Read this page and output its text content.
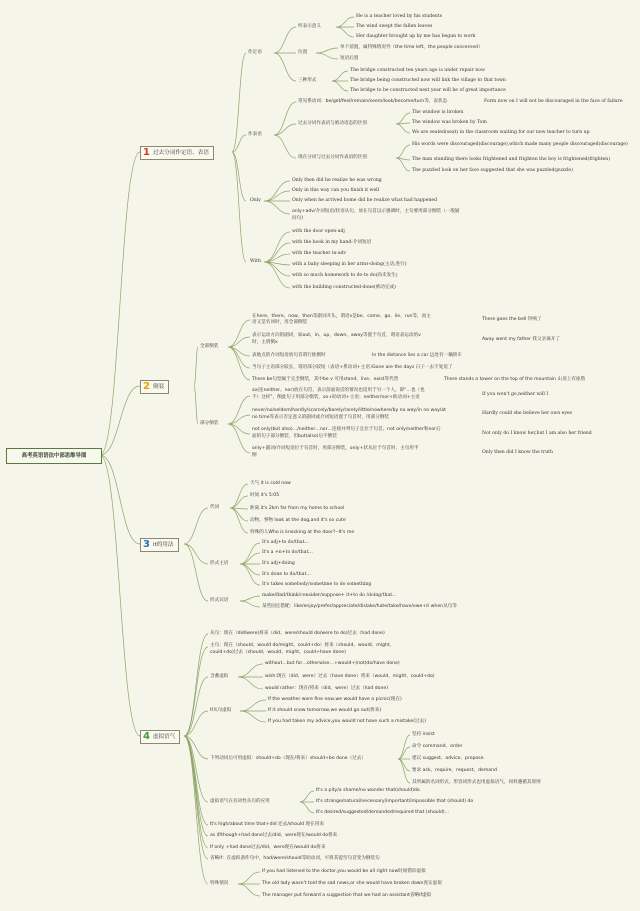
高考英语语法中部思维导图
1 过去分词作定语、表语
2 倒装
3 it的用法
4 虚拟语气
作定语
作表语
Only
With
所表示意义
He is a teacher loved by his students
The wind swept the fallen leaves
Her daughter brought up by me has begun to work
位置
单个前置，属特殊情况外（the time left、the people concerned）
短语后置
三种形式
The bridge constructed ten years ago is under repair now
The bridge being constructed now will link the village to that town
The bridge to be constructed next year will be of great importance
常见系动词：be/get/feel/remain/seem/look/become/turn等，表状态	Form now on I will not be discouraged in the face of failure
过去分词作表语与被动语态的区别
The window is broken
The window was broken by Tom
We are seated(seat) in the classroom waiting for our new teacher to turn up
现在分词与过去分词作表语的区别
His words were discouraged(discourage),which made many people discouraged(discourage)
The man standing there looks frightened and frighten the boy is frightened(frighten)
The puzzled look on her face suggested that she was puzzled(puzzle)
Only then did he realize he was wrong
Only in this way can you finish it well
Only when he arrived home did he realize what had happened
only+adv/介词短语/状语从句，放在句首以示强调时，主句要用部分倒装（一般疑
问句)
with the door open-adj
with the book in my hand-介词短语
with the teacher in-adv
with a baby sleeping in her arms-doing(主动,进行)
with so much homework to do-to do(尚未发生)
with the building constructed-done(被动完成)
全部倒装
部分倒装
在here、there、now、then等副词开头，谓语v是be、come、go、lie、run等，而主
语又是名词时，用全部倒装
表示运动方向的副词，如out、in、up、down、away等置于句首，谓语表运动的v
时，主谓倒x
表地点的介词短语放句首谓行推倒时
当句子主语部分较长，谓语部分较短（表语+系动词+主语）
There be句型属于完全倒装，其中be v 可用stand、live、exist等代替
There goes the bell 铃响了
Away went my father 我父亲离开了
In the distance lies a car 远处有一辆轿车
Gone are the days 日子一去不复返了
There stands a tower on the top of the mountain 山顶上有座塔
so(连neither、nor)放在句首，表示前面说话的情况也适用于另一个人，即"…也（也
不）这样"，倒此句子用部分倒装，so+助动词+主语；neither/nor+助动词+主语
never/no/seldom/hardly/scarcely/barely/rarely/little/nowhere/by no way/in no way/at
no time等表示否定意义的副词或介词短语置于句首时，用部分倒装
not only(but also)…/neither…nor…连接并列句子且位于句首，not only/neither和nor后
面的句子部分倒装，但but(also)后不倒装
only+副词/介词短语位于句首时，用部分倒装，only+状从位于句首时，主句用半
倒
If you won't go,neither will I
Hardly could she believe her own eyes
Not only do I know her,but I am also her friend
Only then did I know the truth
代词
形式主语
形式宾语
天气 it is cold now
时间 it's 5:05
距离 it's 2km far from my home to school
动物、事物 look at the dog,and it's so cute
特殊的人Who is knocking at the door?--It's me
It's adj+to do/that…
It's a +n+to do/that…
It's adj+doing
It's done to do/that…
It's takes somebody/sometime to do something
make/find/think/consider/suppose+ it+to do /doing/that…
某些固定搭配：like/enjoy/prefer/appreciate/dislake/hate/take/have/owe+it when从句等
从句：现在（did/were)将来（did、were/should do/were to do)过去（had done)
主句：现在（should、would do/might、could+do）将来（should、would、might、
could+do)过去（should、would、might、could+have done)
含蓄虚拟
without…but for…otherwise…+would+(not)do/have done)
wish:现在（did、were）过去（have done）将来（would、might、could+do)
would rather：现在/将来（did、were）过去（had done)
If从句虚拟
If the weather were fine now,we would have a picnic(现在)
If it should snow tomorrow,we would go out(将来)
If you had taken my advice,you would not have such a mistake(过去)
下列动词后可用虚拟：should+do（现在/将来）should+be done（过去）
坚持 insist
命令 command、order
建议 suggest、advice、propose
要求 ask、require、request、demand
其所属的名词形式、形容词形式也用虚拟语气，同样遵循其原则
虚拟语气在名词性从句的应用
It's a pity/a shame/no wonder that(should)do
It's strange/natural/necessary/important/impossible that (should) do
It's desired/suggested/demanded/required that (should)…
It's high/about time that+did 还去/should 现在用来
as if/though+had done过去/did、were现在/would do将来
If only +had done过去/did、were现在/would do将来
省略if：在虚拟条件句中，had/were/should等助动词，可将其提至句首变为倒装句
特殊情况
If you had listened to the doctor,you would be all right now时间错综虚拟
The old lady wasn't told the sad news,or she would have broken down真实虚拟
The manager put forward a suggestion that we had an assistant省略if虚拟
